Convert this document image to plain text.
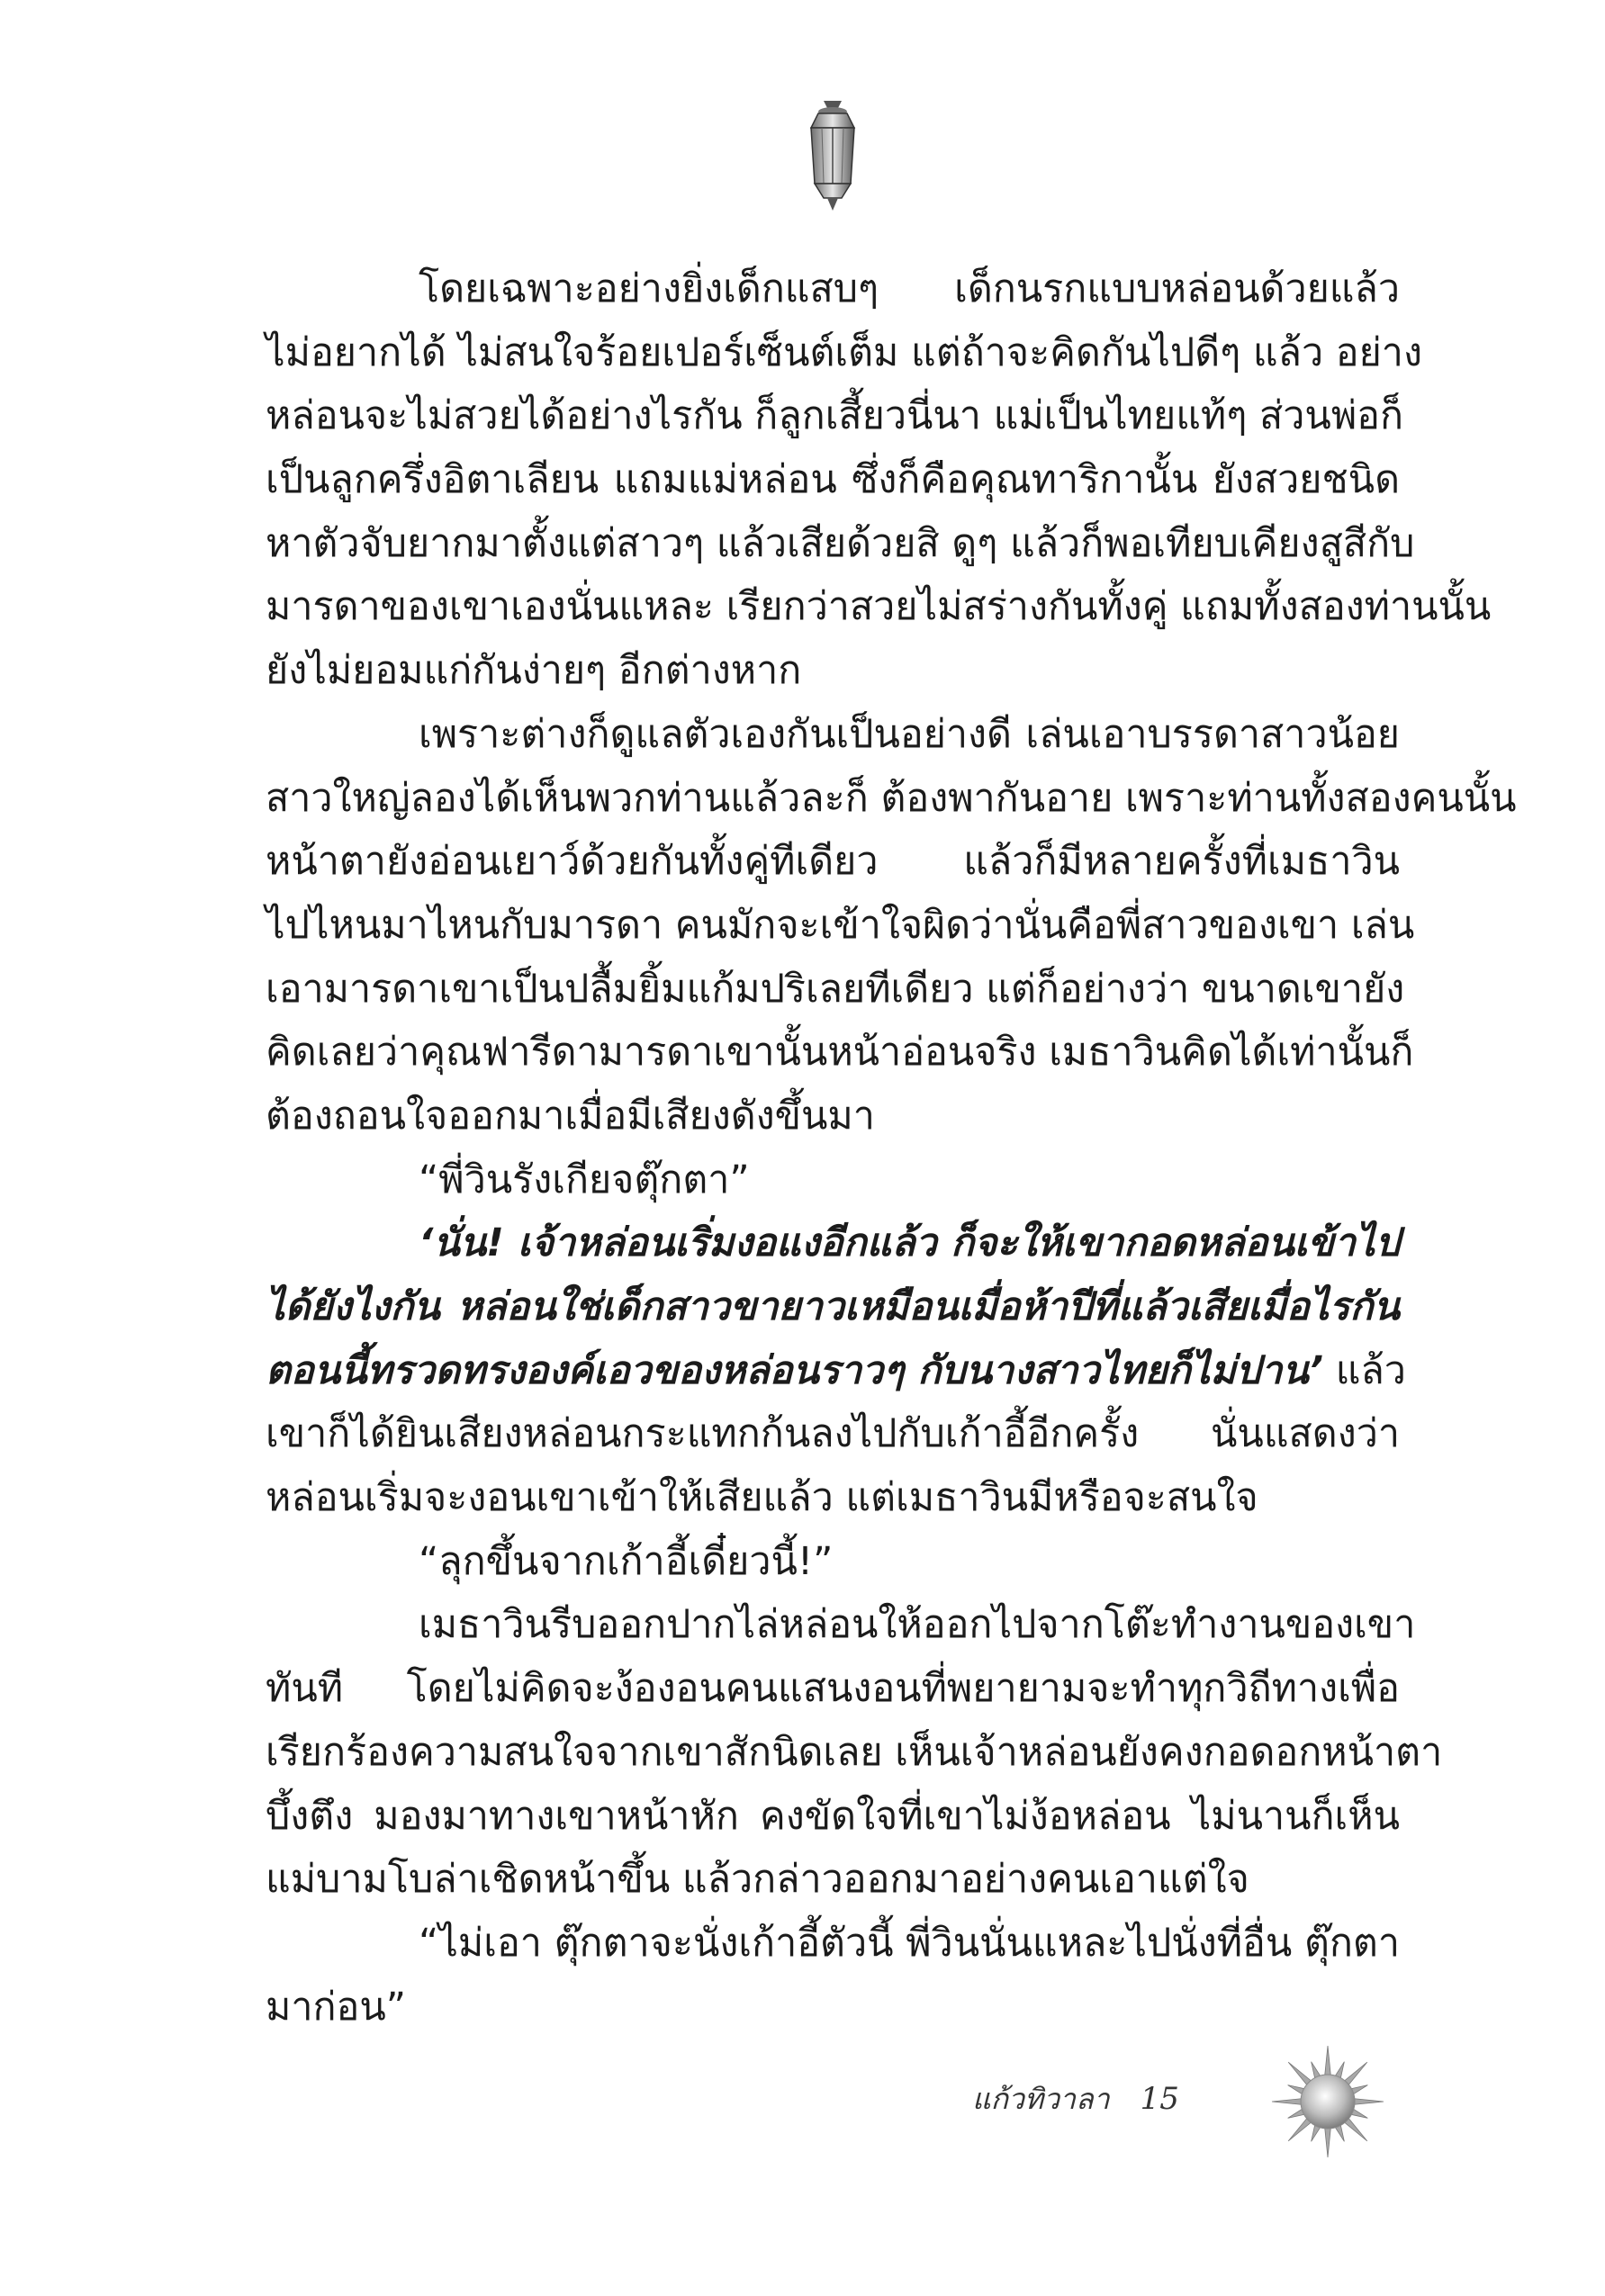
โดยเฉพาะอย่างยิ่งเด็กแสบๆ เด็กนรกแบบหล่อนด้วยแล้ว
ไม่อยากได้ ไม่สนใจร้อยเปอร์เซ็นต์เต็ม แต่ถ้าจะคิดกันไปดีๆ แล้ว อย่าง
หล่อนจะไม่สวยได้อย่างไรกัน ก็ลูกเสี้ยวนี่นา แม่เป็นไทยแท้ๆ ส่วนพ่อก็
เป็นลูกครึ่งอิตาเลียน แถมแม่หล่อน ซึ่งก็คือคุณทาริกานั้น ยังสวยชนิด
หาตัวจับยากมาตั้งแต่สาวๆ แล้วเสียด้วยสิ ดูๆ แล้วก็พอเทียบเคียงสูสีกับ
มารดาของเขาเองนั่นแหละ เรียกว่าสวยไม่สร่างกันทั้งคู่ แถมทั้งสองท่านนั้น
ยังไม่ยอมแก่กันง่ายๆ อีกต่างหาก
เพราะต่างก็ดูแลตัวเองกันเป็นอย่างดี เล่นเอาบรรดาสาวน้อย
สาวใหญ่ลองได้เห็นพวกท่านแล้วละก็ ต้องพากันอาย เพราะท่านทั้งสองคนนั้น
หน้าตายังอ่อนเยาว์ด้วยกันทั้งคู่ทีเดียว แล้วก็มีหลายครั้งที่เมธาวิน
ไปไหนมาไหนกับมารดา คนมักจะเข้าใจผิดว่านั่นคือพี่สาวของเขา เล่น
เอามารดาเขาเป็นปลื้มยิ้มแก้มปริเลยทีเดียว แต่ก็อย่างว่า ขนาดเขายัง
คิดเลยว่าคุณฟารีดามารดาเขานั้นหน้าอ่อนจริง เมธาวินคิดได้เท่านั้นก็
ต้องถอนใจออกมาเมื่อมีเสียงดังขึ้นมา
“พี่วินรังเกียจตุ๊กตา”
‘นั่น! เจ้าหล่อนเริ่มงอแงอีกแล้ว ก็จะให้เขากอดหล่อนเข้าไป
ได้ยังไงกัน หล่อนใช่เด็กสาวขายาวเหมือนเมื่อห้าปีที่แล้วเสียเมื่อไรกัน
ตอนนี้ทรวดทรงองค์เอวของหล่อนราวๆ กับนางสาวไทยก็ไม่ปาน’ แล้ว
เขาก็ได้ยินเสียงหล่อนกระแทกก้นลงไปกับเก้าอี้อีกครั้ง นั่นแสดงว่า
หล่อนเริ่มจะงอนเขาเข้าให้เสียแล้ว แต่เมธาวินมีหรือจะสนใจ
“ลุกขึ้นจากเก้าอี้เดี๋ยวนี้!”
เมธาวินรีบออกปากไล่หล่อนให้ออกไปจากโต๊ะทำงานของเขา
ทันที โดยไม่คิดจะง้องอนคนแสนงอนที่พยายามจะทำทุกวิถีทางเพื่อ
เรียกร้องความสนใจจากเขาสักนิดเลย เห็นเจ้าหล่อนยังคงกอดอกหน้าตา
บึ้งตึง มองมาทางเขาหน้าหัก คงขัดใจที่เขาไม่ง้อหล่อน ไม่นานก็เห็น
แม่บามโบล่าเชิดหน้าขึ้น แล้วกล่าวออกมาอย่างคนเอาแต่ใจ
“ไม่เอา ตุ๊กตาจะนั่งเก้าอี้ตัวนี้ พี่วินนั่นแหละไปนั่งที่อื่น ตุ๊กตา
มาก่อน”
แก้วทิวาลา 15
